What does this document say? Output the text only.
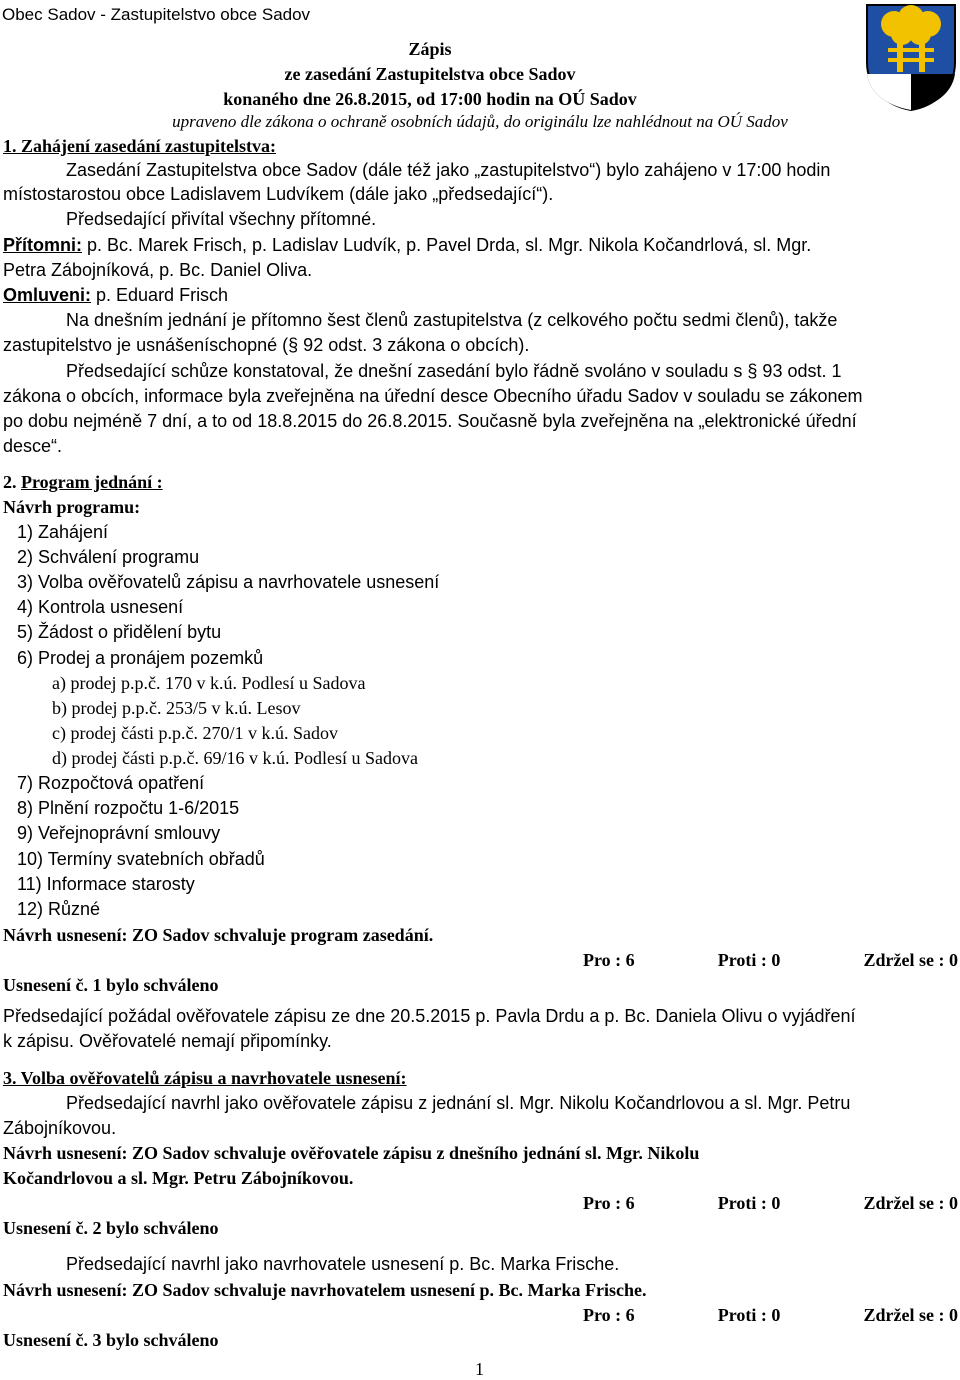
Obec Sadov - Zastupitelstvo obce Sadov
Zápis
ze zasedání Zastupitelstva obce Sadov
konaného dne 26.8.2015, od 17:00 hodin na OÚ Sadov
upraveno dle zákona o ochraně osobních údajů, do originálu lze nahlédnout na OÚ Sadov
1. Zahájení zasedání zastupitelstva:
Zasedání Zastupitelstva obce Sadov (dále též jako „zastupitelstvo“) bylo zahájeno v 17:00 hodin
místostarostou obce Ladislavem Ludvíkem (dále jako „předsedající“).
Předsedající přivítal všechny přítomné.
Přítomni: p. Bc. Marek Frisch, p. Ladislav Ludvík, p. Pavel Drda, sl. Mgr. Nikola Kočandrlová, sl. Mgr.
Petra Zábojníková, p. Bc. Daniel Oliva.
Omluveni: p. Eduard Frisch
Na dnešním jednání je přítomno šest členů zastupitelstva (z celkového počtu sedmi členů), takže
zastupitelstvo je usnášeníschopné (§ 92 odst. 3 zákona o obcích).
Předsedající schůze konstatoval, že dnešní zasedání bylo řádně svoláno v souladu s § 93 odst. 1
zákona o obcích, informace byla zveřejněna na úřední desce Obecního úřadu Sadov v souladu se zákonem
po dobu nejméně 7 dní, a to od 18.8.2015 do 26.8.2015. Současně byla zveřejněna na „elektronické úřední
desce“.
2. Program jednání :
Návrh programu:
1) Zahájení
2) Schválení programu
3) Volba ověřovatelů zápisu a navrhovatele usnesení
4) Kontrola usnesení
5) Žádost o přidělení bytu
6) Prodej a pronájem pozemků
a) prodej p.p.č. 170 v k.ú. Podlesí u Sadova
b) prodej p.p.č. 253/5 v k.ú. Lesov
c) prodej části p.p.č. 270/1 v k.ú. Sadov
d) prodej části p.p.č. 69/16 v k.ú. Podlesí u Sadova
7) Rozpočtová opatření
8) Plnění rozpočtu 1-6/2015
9) Veřejnoprávní smlouvy
10) Termíny svatebních obřadů
11) Informace starosty
12) Různé
Návrh usnesení: ZO Sadov schvaluje program zasedání.
Pro : 6	Proti : 0	Zdržel se : 0
Usnesení č. 1 bylo schváleno
Předsedající požádal ověřovatele zápisu ze dne 20.5.2015 p. Pavla Drdu a p. Bc. Daniela Olivu o vyjádření
k zápisu. Ověřovatelé nemají připomínky.
3. Volba ověřovatelů zápisu a navrhovatele usnesení:
Předsedající navrhl jako ověřovatele zápisu z jednání sl. Mgr. Nikolu Kočandrlovou a sl. Mgr. Petru
Zábojníkovou.
Návrh usnesení: ZO Sadov schvaluje ověřovatele zápisu z dnešního jednání sl. Mgr. Nikolu
Kočandrlovou a sl. Mgr. Petru Zábojníkovou.
Pro : 6	Proti : 0	Zdržel se : 0
Usnesení č. 2 bylo schváleno
Předsedající navrhl jako navrhovatele usnesení p. Bc. Marka Frische.
Návrh usnesení: ZO Sadov schvaluje navrhovatelem usnesení p. Bc. Marka Frische.
Pro : 6	Proti : 0	Zdržel se : 0
Usnesení č. 3 bylo schváleno
1
